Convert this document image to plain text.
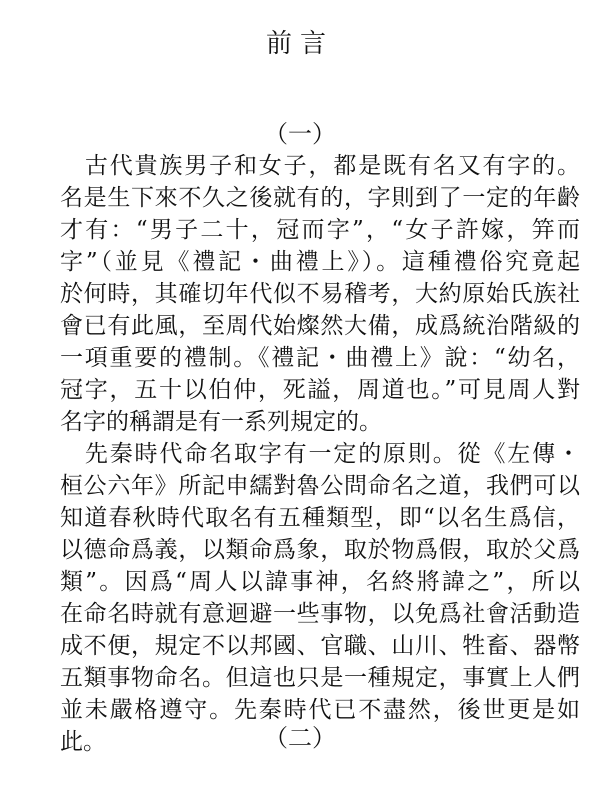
前言
（一）
　古代貴族男子和女子，都是既有名又有字的。
名是生下來不久之後就有的，字則到了一定的年齡
才有：“男子二十，冠而字”，“女子許嫁，笄而
字”（並見《禮記・曲禮上》）。這種禮俗究竟起
於何時，其確切年代似不易稽考，大約原始氏族社
會已有此風，至周代始燦然大備，成爲統治階級的
一項重要的禮制。《禮記・曲禮上》說：“幼名，
冠字，五十以伯仲，死謚，周道也。”可見周人對
名字的稱謂是有一系列規定的。
　先秦時代命名取字有一定的原則。從《左傳・
桓公六年》所記申繻對魯公問命名之道，我們可以
知道春秋時代取名有五種類型，即“以名生爲信，
以德命爲義，以類命爲象，取於物爲假，取於父爲
類”。因爲“周人以諱事神，名終將諱之”，所以
在命名時就有意迴避一些事物，以免爲社會活動造
成不便，規定不以邦國、官職、山川、牲畜、器幣
五類事物命名。但這也只是一種規定，事實上人們
並未嚴格遵守。先秦時代已不盡然，後世更是如
此。	（二）
